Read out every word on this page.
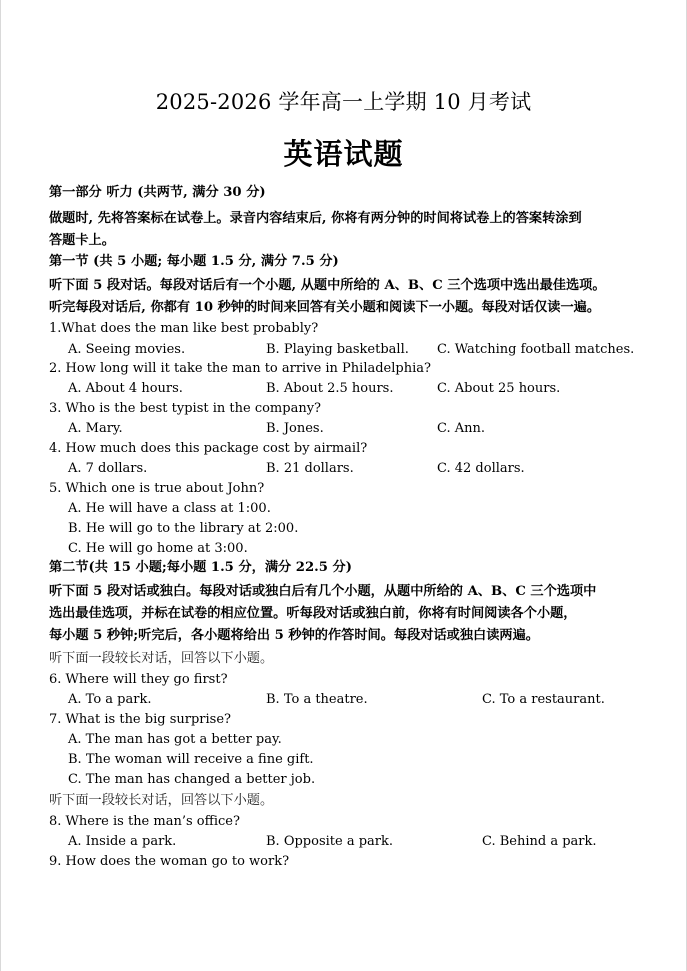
2025-2026 学年高一上学期 10 月考试
英语试题
第一部分 听力 (共两节, 满分 30 分)
做题时, 先将答案标在试卷上。录音内容结束后, 你将有两分钟的时间将试卷上的答案转涂到
答题卡上。
第一节 (共 5 小题; 每小题 1.5 分, 满分 7.5 分)
听下面 5 段对话。每段对话后有一个小题, 从题中所给的 A、B、C 三个选项中选出最佳选项。
听完每段对话后, 你都有 10 秒钟的时间来回答有关小题和阅读下一小题。每段对话仅读一遍。
1.What does the man like best probably?
A. Seeing movies.	B. Playing basketball. C. Watching football matches.
2. How long will it take the man to arrive in Philadelphia?
A. About 4 hours.	B. About 2.5 hours.	C. About 25 hours.
3. Who is the best typist in the company?
A. Mary.	B. Jones.	C. Ann.
4. How much does this package cost by airmail?
A. 7 dollars.	B. 21 dollars.	C. 42 dollars.
5. Which one is true about John?
A. He will have a class at 1:00.
B. He will go to the library at 2:00.
C. He will go home at 3:00.
第二节(共 15 小题;每小题 1.5 分，满分 22.5 分)
听下面 5 段对话或独白。每段对话或独白后有几个小题，从题中所给的 A、B、C 三个选项中
选出最佳选项，并标在试卷的相应位置。听每段对话或独白前，你将有时间阅读各个小题，
每小题 5 秒钟;听完后，各小题将给出 5 秒钟的作答时间。每段对话或独白读两遍。
听下面一段较长对话，回答以下小题。
6. Where will they go first?
A. To a park.	B. To a theatre.	C. To a restaurant.
7. What is the big surprise?
A. The man has got a better pay.
B. The woman will receive a fine gift.
C. The man has changed a better job.
听下面一段较长对话，回答以下小题。
8. Where is the man’s office?
A. Inside a park.	B. Opposite a park.	C. Behind a park.
9. How does the woman go to work?
